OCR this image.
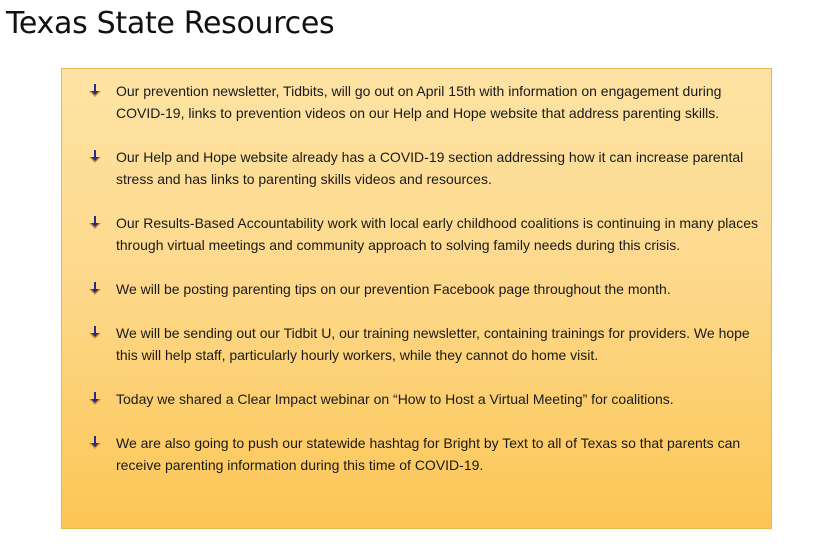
Texas State Resources
Our prevention newsletter, Tidbits, will go out on April 15th with information on engagement during COVID-19, links to prevention videos on our Help and Hope website that address parenting skills.
Our Help and Hope website already has a COVID-19 section addressing how it can increase parental stress and has links to parenting skills videos and resources.
Our Results-Based Accountability work with local early childhood coalitions is continuing in many places through virtual meetings and community approach to solving family needs during this crisis.
We will be posting parenting tips on our prevention Facebook page throughout the month.
We will be sending out our Tidbit U, our training newsletter, containing trainings for providers. We hope this will help staff, particularly hourly workers, while they cannot do home visit.
Today we shared a Clear Impact webinar on “How to Host a Virtual Meeting” for coalitions.
We are also going to push our statewide hashtag for Bright by Text to all of Texas so that parents can receive parenting information during this time of COVID-19.
